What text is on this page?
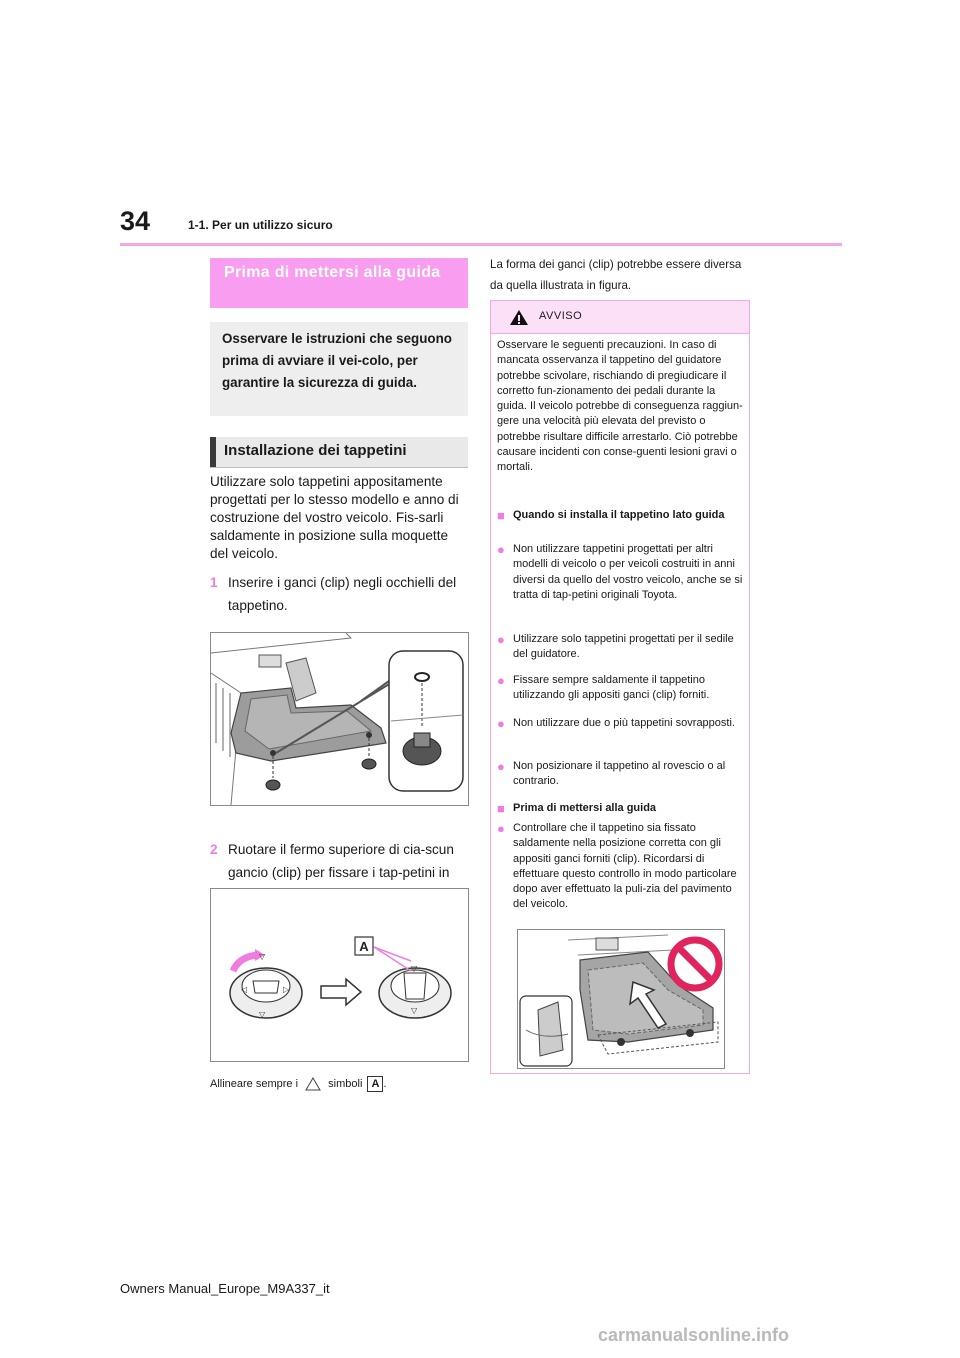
34	1-1. Per un utilizzo sicuro
Prima di mettersi alla guida
Osservare le istruzioni che seguono prima di avviare il vei-colo, per garantire la sicurezza di guida.
Installazione dei tappetini
Utilizzare solo tappetini appositamente progettati per lo stesso modello e anno di costruzione del vostro veicolo. Fis-sarli saldamente in posizione sulla moquette del veicolo.
1 Inserire i ganci (clip) negli occhielli del tappetino.
2 Ruotare il fermo superiore di cia-scun gancio (clip) per fissare i tap-petini in
◁	▷
▽
▽
▽
▽
A
Allineare sempre i	simboli A .
La forma dei ganci (clip) potrebbe essere diversa da quella illustrata in figura.
AVVISO
Osservare le seguenti precauzioni. In caso di mancata osservanza il tappetino del guidatore potrebbe scivolare, rischiando di pregiudicare il corretto fun-zionamento dei pedali durante la guida. Il veicolo potrebbe di conseguenza raggiun-gere una velocità più elevata del previsto o potrebbe risultare difficile arrestarlo. Ciò potrebbe causare incidenti con conse-guenti lesioni gravi o mortali.
■ Quando si installa il tappetino lato guida
● Non utilizzare tappetini progettati per altri modelli di veicolo o per veicoli costruiti in anni diversi da quello del vostro veicolo, anche se si tratta di tap-petini originali Toyota.
● Utilizzare solo tappetini progettati per il sedile del guidatore.
● Fissare sempre saldamente il tappetino utilizzando gli appositi ganci (clip) forniti.
● Non utilizzare due o più tappetini sovrapposti.
● Non posizionare il tappetino al rovescio o al contrario.
■ Prima di mettersi alla guida
● Controllare che il tappetino sia fissato saldamente nella posizione corretta con gli appositi ganci forniti (clip). Ricordarsi di effettuare questo controllo in modo particolare dopo aver effettuato la puli-zia del pavimento del veicolo.
Owners Manual_Europe_M9A337_it
carmanualsonline.info
